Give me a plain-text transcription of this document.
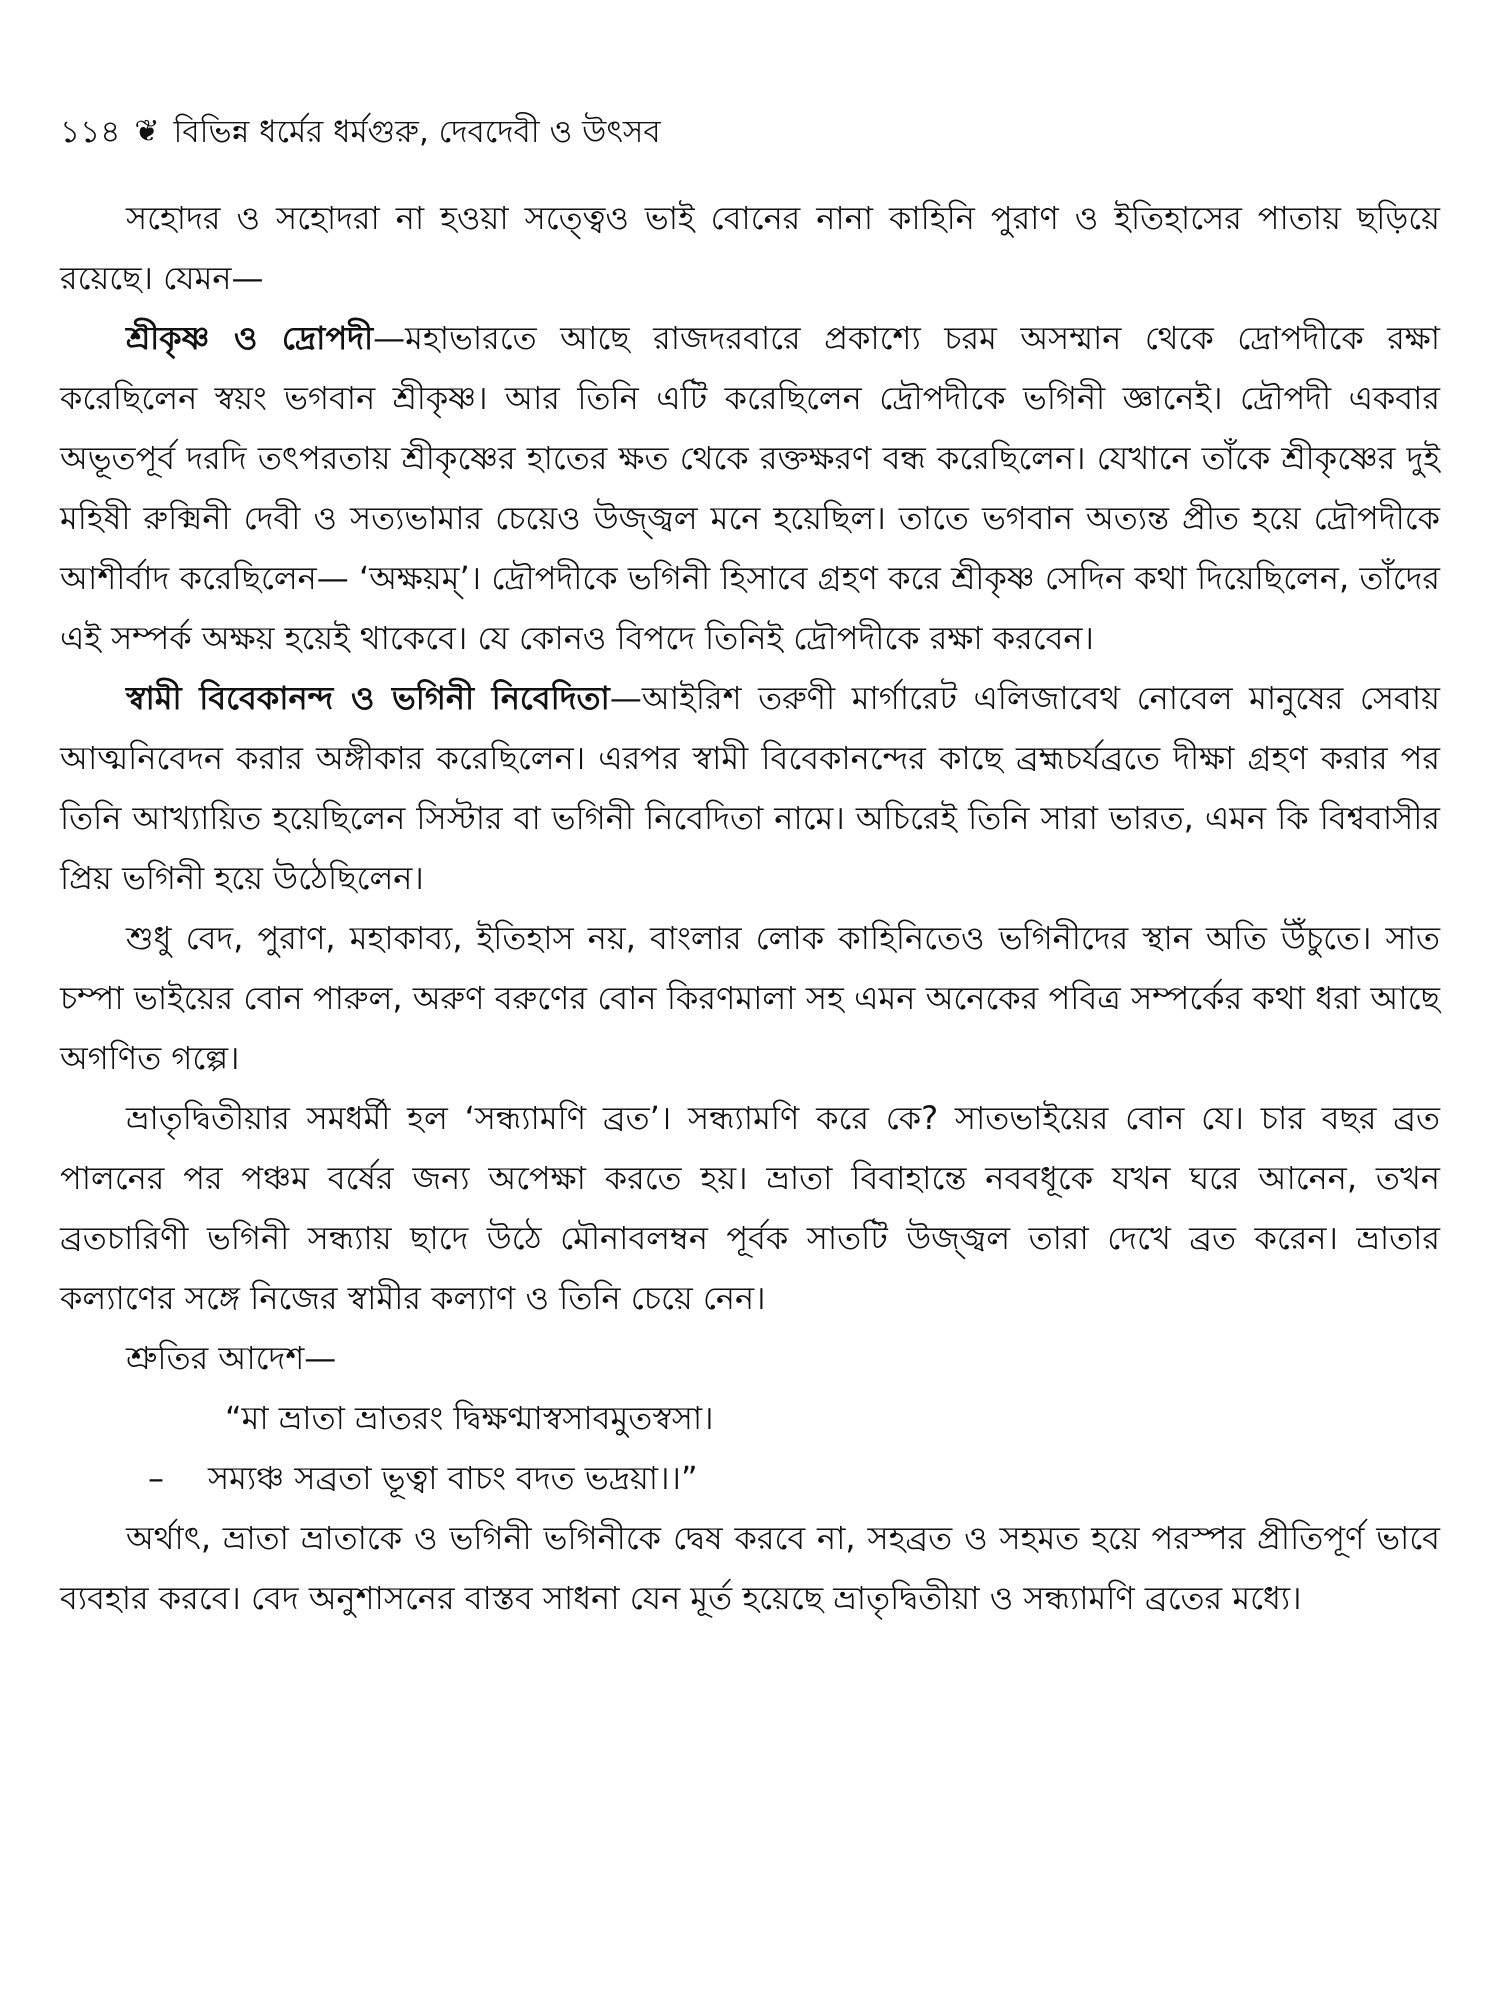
১১৪ ❦ বিভিন্ন ধর্মের ধর্মগুরু, দেবদেবী ও উৎসব

সহোদর ও সহোদরা না হওয়া সত্ত্বেও ভাই বোনের নানা কাহিনি পুরাণ ও ইতিহাসের পাতায় ছড়িয়ে রয়েছে। যেমন—

শ্রীকৃষ্ণ ও দ্রোপদী—মহাভারতে আছে রাজদরবারে প্রকাশ্যে চরম অসম্মান থেকে দ্রোপদীকে রক্ষা করেছিলেন স্বয়ং ভগবান শ্রীকৃষ্ণ। আর তিনি এটি করেছিলেন দ্রৌপদীকে ভগিনী জ্ঞানেই। দ্রৌপদী একবার অভূতপূর্ব দরদি তৎপরতায় শ্রীকৃষ্ণের হাতের ক্ষত থেকে রক্তক্ষরণ বন্ধ করেছিলেন। যেখানে তাঁকে শ্রীকৃষ্ণের দুই মহিষী রুক্মিনী দেবী ও সত্যভামার চেয়েও উজ্জ্বল মনে হয়েছিল। তাতে ভগবান অত্যন্ত প্রীত হয়ে দ্রৌপদীকে আশীর্বাদ করেছিলেন— ‘অক্ষয়ম্’। দ্রৌপদীকে ভগিনী হিসাবে গ্রহণ করে শ্রীকৃষ্ণ সেদিন কথা দিয়েছিলেন, তাঁদের এই সম্পর্ক অক্ষয় হয়েই থাকেবে। যে কোনও বিপদে তিনিই দ্রৌপদীকে রক্ষা করবেন।

স্বামী বিবেকানন্দ ও ভগিনী নিবেদিতা—আইরিশ তরুণী মার্গারেট এলিজাবেথ নোবেল মানুষের সেবায় আত্মনিবেদন করার অঙ্গীকার করেছিলেন। এরপর স্বামী বিবেকানন্দের কাছে ব্রহ্মচর্যব্রতে দীক্ষা গ্রহণ করার পর তিনি আখ্যায়িত হয়েছিলেন সিস্টার বা ভগিনী নিবেদিতা নামে। অচিরেই তিনি সারা ভারত, এমন কি বিশ্ববাসীর প্রিয় ভগিনী হয়ে উঠেছিলেন।

শুধু বেদ, পুরাণ, মহাকাব্য, ইতিহাস নয়, বাংলার লোক কাহিনিতেও ভগিনীদের স্থান অতি উঁচুতে। সাত চম্পা ভাইয়ের বোন পারুল, অরুণ বরুণের বোন কিরণমালা সহ এমন অনেকের পবিত্র সম্পর্কের কথা ধরা আছে অগণিত গল্পে।

ভ্রাতৃদ্বিতীয়ার সমধর্মী হল ‘সন্ধ্যামণি ব্রত’। সন্ধ্যামণি করে কে? সাতভাইয়ের বোন যে। চার বছর ব্রত পালনের পর পঞ্চম বর্ষের জন্য অপেক্ষা করতে হয়। ভ্রাতা বিবাহান্তে নববধূকে যখন ঘরে আনেন, তখন ব্রতচারিণী ভগিনী সন্ধ্যায় ছাদে উঠে মৌনাবলম্বন পূর্বক সাতটি উজ্জ্বল তারা দেখে ব্রত করেন। ভ্রাতার কল্যাণের সঙ্গে নিজের স্বামীর কল্যাণ ও তিনি চেয়ে নেন।

শ্রুতির আদেশ—

“মা ভ্রাতা ভ্রাতরং দ্বিক্ষণ্মাস্বসাবমুতস্বসা।
– সম্যঞ্চ সব্রতা ভূত্বা বাচং বদত ভদ্রয়া।।”

অর্থাৎ, ভ্রাতা ভ্রাতাকে ও ভগিনী ভগিনীকে দ্বেষ করবে না, সহব্রত ও সহমত হয়ে পরস্পর প্রীতিপূর্ণ ভাবে ব্যবহার করবে। বেদ অনুশাসনের বাস্তব সাধনা যেন মূর্ত হয়েছে ভ্রাতৃদ্বিতীয়া ও সন্ধ্যামণি ব্রতের মধ্যে।
